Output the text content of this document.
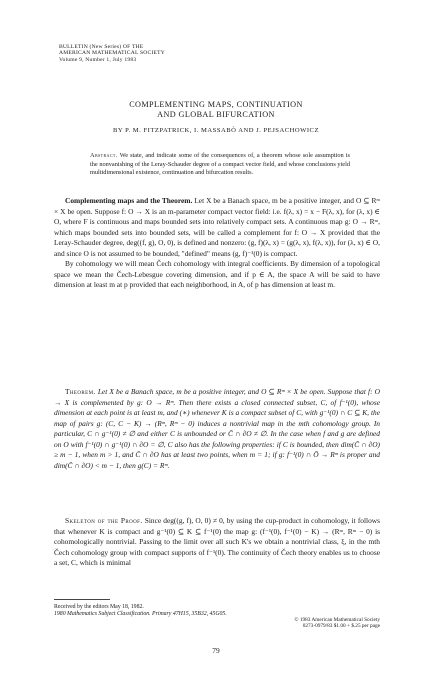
BULLETIN (New Series) OF THE
AMERICAN MATHEMATICAL SOCIETY
Volume 9, Number 1, July 1983
COMPLEMENTING MAPS, CONTINUATION
AND GLOBAL BIFURCATION
BY P. M. FITZPATRICK, I. MASSABÒ AND J. PEJSACHOWICZ
Abstract. We state, and indicate some of the consequences of, a theorem whose sole assumption is the nonvanishing of the Leray-Schauder degree of a compact vector field, and whose conclusions yield multidimensional existence, continuation and bifurcation results.

Complementing maps and the Theorem. Let X be a Banach space, m be a positive integer, and O ⊆ Rᵐ × X be open. Suppose f: O → X is an m-parameter compact vector field: i.e. f(λ, x) = x − F(λ, x), for (λ, x) ∈ O, where F is continuous and maps bounded sets into relatively compact sets. A continuous map g: O → Rᵐ, which maps bounded sets into bounded sets, will be called a complement for f: O → X provided that the Leray-Schauder degree, deg((f, g), O, 0), is defined and nonzero: (g, f)(λ, x) = (g(λ, x), f(λ, x)), for (λ, x) ∈ O, and since O is not assumed to be bounded, "defined" means (g, f)⁻¹(0) is compact.

By cohomology we will mean Čech cohomology with integral coefficients. By dimension of a topological space we mean the Čech-Lebesgue covering dimension, and if p ∈ A, the space A will be said to have dimension at least m at p provided that each neighborhood, in A, of p has dimension at least m.

Theorem. Let X be a Banach space, m be a positive integer, and O ⊆ Rᵐ × X be open. Suppose that f: O → X is complemented by g: O → Rᵐ. Then there exists a closed connected subset, C, of f⁻¹(0), whose dimension at each point is at least m, and (∗) whenever K is a compact subset of C, with g⁻¹(0) ∩ C ⊆ K, the map of pairs g: (C, C − K) → (Rᵐ, Rᵐ − 0) induces a nontrivial map in the mth cohomology group. In particular, C ∩ g⁻¹(0) ≠ ∅ and either C is unbounded or C̄ ∩ ∂O ≠ ∅. In the case when f and g are defined on O with f⁻¹(0) ∩ g⁻¹(0) ∩ ∂O = ∅, C also has the following properties: if C is bounded, then dim(C̄ ∩ ∂O) ≥ m − 1, when m > 1, and C̄ ∩ ∂O has at least two points, when m = 1; if g: f⁻¹(0) ∩ Ō → Rᵐ is proper and dim(C̄ ∩ ∂O) < m − 1, then g(C) = Rᵐ.

Skeleton of the Proof. Since deg((g, f), O, 0) ≠ 0, by using the cup-product in cohomology, it follows that whenever K is compact and g⁻¹(0) ⊆ K ⊆ f⁻¹(0) the map g: (f⁻¹(0), f⁻¹(0) − K) → (Rᵐ, Rᵐ − 0) is cohomologically nontrivial. Passing to the limit over all such K's we obtain a nontrivial class, ξ, in the mth Čech cohomology group with compact supports of f⁻¹(0). The continuity of Čech theory enables us to choose a set, C, which is minimal

Received by the editors May 18, 1982.
1980 Mathematics Subject Classification. Primary 47H15, 35B32, 45G05.
© 1983 American Mathematical Society
0273-0979/83 $1.00 + $.25 per page
79
